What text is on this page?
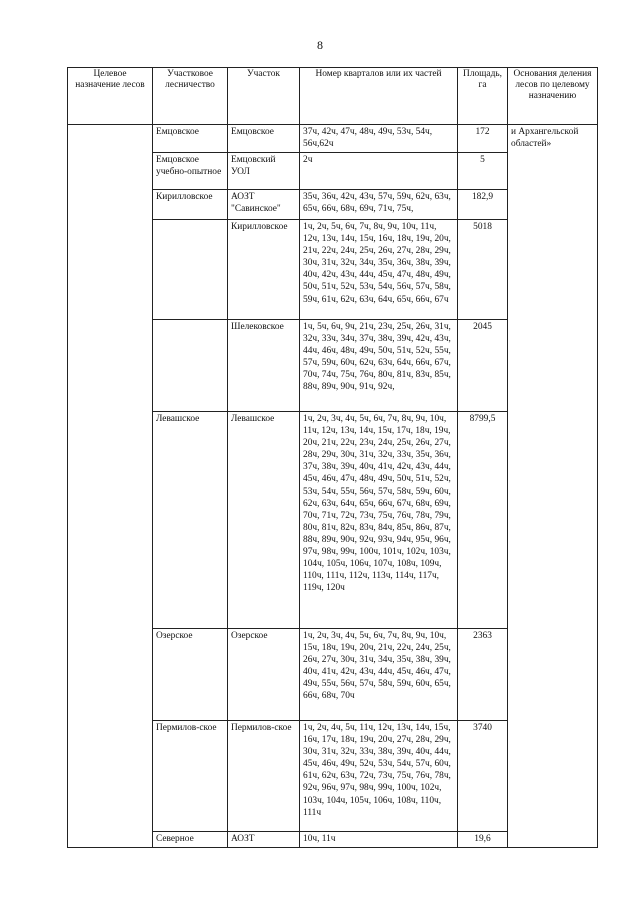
8
Целевое назначение лесов	Участковое лесничество	Участок	Номер кварталов или их частей	Площадь, га	Основания деления лесов по целевому назначению
	Емцовское	Емцовское	37ч, 42ч, 47ч, 48ч, 49ч, 53ч, 54ч, 56ч,62ч	172	и Архангельской областей»
	Емцовское учебно-опытное	Емцовский УОЛ	2ч	5	
	Кирилловское	АОЗТ "Савинское"	35ч, 36ч, 42ч, 43ч, 57ч, 59ч, 62ч, 63ч, 65ч, 66ч, 68ч, 69ч, 71ч, 75ч,	182,9	
		Кирилловское	1ч, 2ч, 5ч, 6ч, 7ч, 8ч, 9ч, 10ч, 11ч, 12ч, 13ч, 14ч, 15ч, 16ч, 18ч, 19ч, 20ч, 21ч, 22ч, 24ч, 25ч, 26ч, 27ч, 28ч, 29ч, 30ч, 31ч, 32ч, 34ч, 35ч, 36ч, 38ч, 39ч, 40ч, 42ч, 43ч, 44ч, 45ч, 47ч, 48ч, 49ч, 50ч, 51ч, 52ч, 53ч, 54ч, 56ч, 57ч, 58ч, 59ч, 61ч, 62ч, 63ч, 64ч, 65ч, 66ч, 67ч	5018	
		Шелековское	1ч, 5ч, 6ч, 9ч, 21ч, 23ч, 25ч, 26ч, 31ч, 32ч, 33ч, 34ч, 37ч, 38ч, 39ч, 42ч, 43ч, 44ч, 46ч, 48ч, 49ч, 50ч, 51ч, 52ч, 55ч, 57ч, 59ч, 60ч, 62ч, 63ч, 64ч, 66ч, 67ч, 70ч, 74ч, 75ч, 76ч, 80ч, 81ч, 83ч, 85ч, 88ч, 89ч, 90ч, 91ч, 92ч,	2045	
	Левашское	Левашское	1ч, 2ч, 3ч, 4ч, 5ч, 6ч, 7ч, 8ч, 9ч, 10ч, 11ч, 12ч, 13ч, 14ч, 15ч, 17ч, 18ч, 19ч, 20ч, 21ч, 22ч, 23ч, 24ч, 25ч, 26ч, 27ч, 28ч, 29ч, 30ч, 31ч, 32ч, 33ч, 35ч, 36ч, 37ч, 38ч, 39ч, 40ч, 41ч, 42ч, 43ч, 44ч, 45ч, 46ч, 47ч, 48ч, 49ч, 50ч, 51ч, 52ч, 53ч, 54ч, 55ч, 56ч, 57ч, 58ч, 59ч, 60ч, 62ч, 63ч, 64ч, 65ч, 66ч, 67ч, 68ч, 69ч, 70ч, 71ч, 72ч, 73ч, 75ч, 76ч, 78ч, 79ч, 80ч, 81ч, 82ч, 83ч, 84ч, 85ч, 86ч, 87ч, 88ч, 89ч, 90ч, 92ч, 93ч, 94ч, 95ч, 96ч, 97ч, 98ч, 99ч, 100ч, 101ч, 102ч, 103ч, 104ч, 105ч, 106ч, 107ч, 108ч, 109ч, 110ч, 111ч, 112ч, 113ч, 114ч, 117ч, 119ч, 120ч	8799,5	
	Озерское	Озерское	1ч, 2ч, 3ч, 4ч, 5ч, 6ч, 7ч, 8ч, 9ч, 10ч, 15ч, 18ч, 19ч, 20ч, 21ч, 22ч, 24ч, 25ч, 26ч, 27ч, 30ч, 31ч, 34ч, 35ч, 38ч, 39ч, 40ч, 41ч, 42ч, 43ч, 44ч, 45ч, 46ч, 47ч, 49ч, 55ч, 56ч, 57ч, 58ч, 59ч, 60ч, 65ч, 66ч, 68ч, 70ч	2363	
	Пермилов-ское	Пермилов-ское	1ч, 2ч, 4ч, 5ч, 11ч, 12ч, 13ч, 14ч, 15ч, 16ч, 17ч, 18ч, 19ч, 20ч, 27ч, 28ч, 29ч, 30ч, 31ч, 32ч, 33ч, 38ч, 39ч, 40ч, 44ч, 45ч, 46ч, 49ч, 52ч, 53ч, 54ч, 57ч, 60ч, 61ч, 62ч, 63ч, 72ч, 73ч, 75ч, 76ч, 78ч, 92ч, 96ч, 97ч, 98ч, 99ч, 100ч, 102ч, 103ч, 104ч, 105ч, 106ч, 108ч, 110ч, 111ч	3740	
	Северное	АОЗТ	10ч, 11ч	19,6	
